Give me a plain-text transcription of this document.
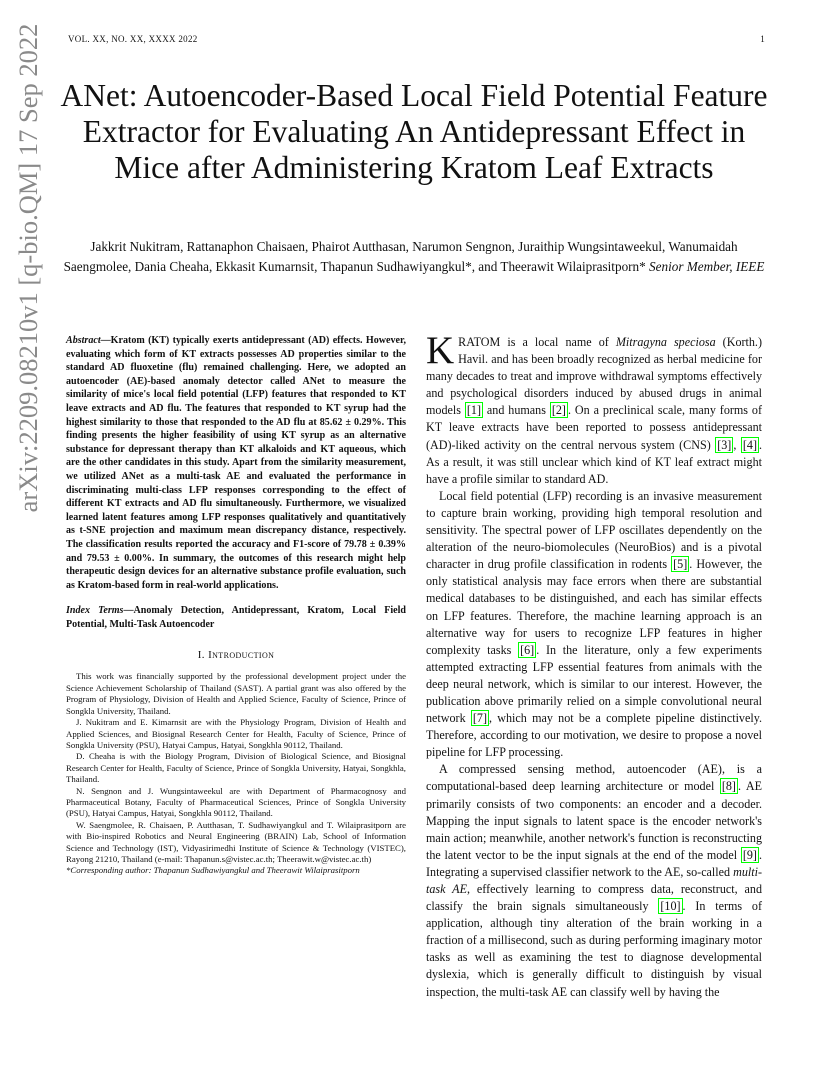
VOL. XX, NO. XX, XXXX 2022	1
arXiv:2209.08210v1 [q-bio.QM] 17 Sep 2022 ANet: Autoencoder-Based Local Field Potential Feature Extractor for Evaluating An Antidepressant Effect in Mice after Administering Kratom Leaf Extracts
Jakkrit Nukitram, Rattanaphon Chaisaen, Phairot Autthasan, Narumon Sengnon, Juraithip Wungsintaweekul, Wanumaidah Saengmolee, Dania Cheaha, Ekkasit Kumarnsit, Thapanun Sudhawiyangkul*, and Theerawit Wilaiprasitporn* Senior Member, IEEE

Abstract—Kratom (KT) typically exerts antidepressant (AD) effects. However, evaluating which form of KT extracts possesses AD properties similar to the standard AD fluoxetine (flu) remained challenging. Here, we adopted an autoencoder (AE)-based anomaly detector called ANet to measure the similarity of mice's local field potential (LFP) features that responded to KT leave extracts and AD flu. The features that responded to KT syrup had the highest similarity to those that responded to the AD flu at 85.62 ± 0.29%. This finding presents the higher feasibility of using KT syrup as an alternative substance for depressant therapy than KT alkaloids and KT aqueous, which are the other candidates in this study. Apart from the similarity measurement, we utilized ANet as a multi-task AE and evaluated the performance in discriminating multi-class LFP responses corresponding to the effect of different KT extracts and AD flu simultaneously. Furthermore, we visualized learned latent features among LFP responses qualitatively and quantitatively as t-SNE projection and maximum mean discrepancy distance, respectively. The classification results reported the accuracy and F1-score of 79.78 ± 0.39% and 79.53 ± 0.00%. In summary, the outcomes of this research might help therapeutic design devices for an alternative substance profile evaluation, such as Kratom-based form in real-world applications.

Index Terms—Anomaly Detection, Antidepressant, Kratom, Local Field Potential, Multi-Task Autoencoder
I. Introduction

This work was financially supported by the professional development project under the Science Achievement Scholarship of Thailand (SAST). A partial grant was also offered by the Program of Physiology, Division of Health and Applied Science, Faculty of Science, Prince of Songkla University, Thailand.

J. Nukitram and E. Kimarnsit are with the Physiology Program, Division of Health and Applied Sciences, and Biosignal Research Center for Health, Faculty of Science, Prince of Songkla University (PSU), Hatyai Campus, Hatyai, Songkhla 90112, Thailand.

D. Cheaha is with the Biology Program, Division of Biological Science, and Biosignal Research Center for Health, Faculty of Science, Prince of Songkla University, Hatyai, Songkhla, Thailand.

N. Sengnon and J. Wungsintaweekul are with Department of Pharmacognosy and Pharmaceutical Botany, Faculty of Pharmaceutical Sciences, Prince of Songkla University (PSU), Hatyai Campus, Hatyai, Songkhla 90112, Thailand.

W. Saengmolee, R. Chaisaen, P. Autthasan, T. Sudhawiyangkul and T. Wilaiprasitporn are with Bio-inspired Robotics and Neural Engineering (BRAIN) Lab, School of Information Science and Technology (IST), Vidyasirimedhi Institute of Science & Technology (VISTEC), Rayong 21210, Thailand (e-mail: Thapanun.s@vistec.ac.th; Theerawit.w@vistec.ac.th)

*Corresponding author: Thapanun Sudhawiyangkul and Theerawit Wilaiprasitporn

KRATOM is a local name of Mitragyna speciosa (Korth.) Havil. and has been broadly recognized as herbal medicine for many decades to treat and improve withdrawal symptoms effectively and psychological disorders induced by abused drugs in animal models [1] and humans [2] . On a preclinical scale, many forms of KT leave extracts have been reported to possess antidepressant (AD)-liked activity on the central nervous system (CNS) [3] , [4] . As a result, it was still unclear which kind of KT leaf extract might have a profile similar to standard AD.

Local field potential (LFP) recording is an invasive measurement to capture brain working, providing high temporal resolution and sensitivity. The spectral power of LFP oscillates dependently on the alteration of the neuro-biomolecules (NeuroBios) and is a pivotal character in drug profile classification in rodents [5] . However, the only statistical analysis may face errors when there are substantial medical databases to be distinguished, and each has similar effects on LFP features. Therefore, the machine learning approach is an alternative way for users to recognize LFP features in higher complexity tasks [6] . In the literature, only a few experiments attempted extracting LFP essential features from animals with the deep neural network, which is similar to our interest. However, the publication above primarily relied on a simple convolutional neural network [7] , which may not be a complete pipeline distinctively. Therefore, according to our motivation, we desire to propose a novel pipeline for LFP processing.

A compressed sensing method, autoencoder (AE), is a computational-based deep learning architecture or model [8] . AE primarily consists of two components: an encoder and a decoder. Mapping the input signals to latent space is the encoder network's main action; meanwhile, another network's function is reconstructing the latent vector to be the input signals at the end of the model [9] . Integrating a supervised classifier network to the AE, so-called multi-task AE, effectively learning to compress data, reconstruct, and classify the brain signals simultaneously [10] . In terms of application, although tiny alteration of the brain working in a fraction of a millisecond, such as during performing imaginary motor tasks as well as examining the test to diagnose developmental dyslexia, which is generally difficult to distinguish by visual inspection, the multi-task AE can classify well by having the
